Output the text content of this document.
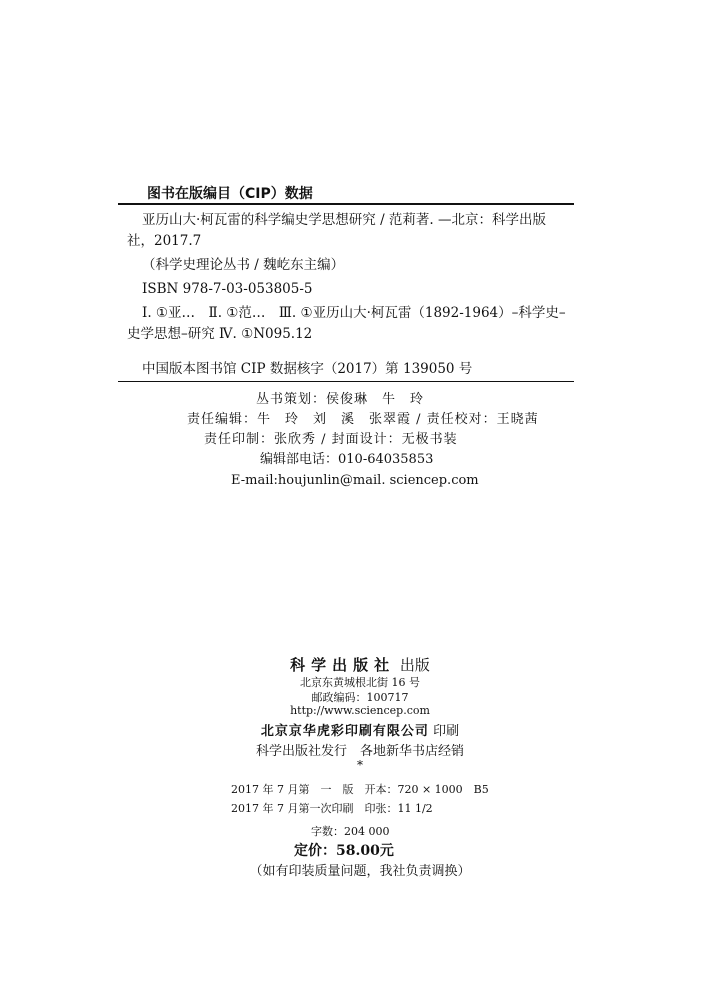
图书在版编目（CIP）数据

亚历山大·柯瓦雷的科学编史学思想研究 / 范莉著. —北京：科学出版社，2017.7

（科学史理论丛书 / 魏屹东主编）

ISBN 978-7-03-053805-5

Ⅰ. ①亚…　Ⅱ. ①范…　Ⅲ. ①亚历山大·柯瓦雷（1892-1964）–科学史–史学思想–研究 Ⅳ. ①N095.12

中国版本图书馆 CIP 数据核字（2017）第 139050 号
丛书策划：侯俊琳　牛　玲
责任编辑：牛　玲　刘　溪　张翠霞 / 责任校对：王晓茜
责任印制：张欣秀 / 封面设计：无极书装
编辑部电话：010-64035853
E-mail:houjunlin@mail. sciencep.com
科学出版社 出版
北京东黄城根北街 16 号
邮政编码：100717
http://www.sciencep.com
北京京华虎彩印刷有限公司 印刷
科学出版社发行　各地新华书店经销
*
2017 年 7 月第　一　版　开本：720 × 1000　B5
2017 年 7 月第一次印刷　印张：11 1/2
字数：204 000
定价：58.00元
（如有印装质量问题，我社负责调换）
